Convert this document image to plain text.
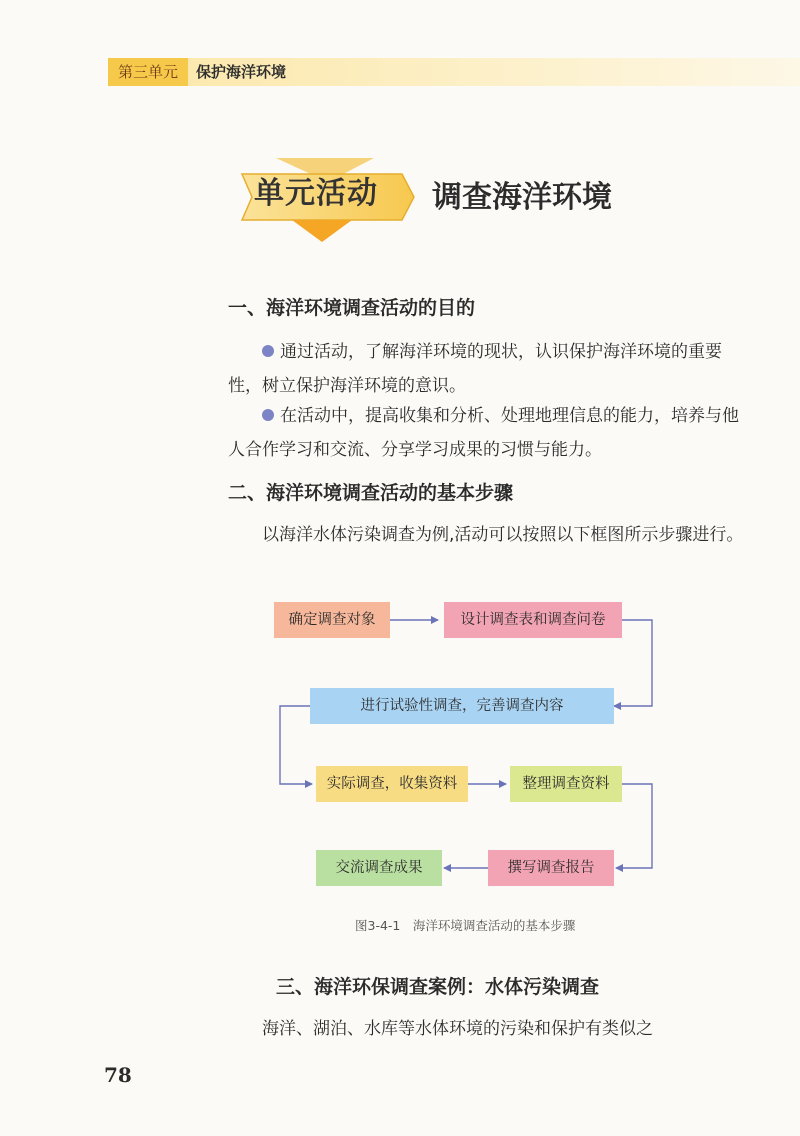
第三单元	保护海洋环境
单元活动 调查海洋环境
一、海洋环境调查活动的目的
通过活动，了解海洋环境的现状，认识保护海洋环境的重要性，树立保护海洋环境的意识。
在活动中，提高收集和分析、处理地理信息的能力，培养与他人合作学习和交流、分享学习成果的习惯与能力。
二、海洋环境调查活动的基本步骤
以海洋水体污染调查为例,活动可以按照以下框图所示步骤进行。
确定调查对象	设计调查表和调查问卷
进行试验性调查，完善调查内容
实际调查，收集资料	整理调查资料
撰写调查报告
交流调查成果
图3-4-1　海洋环境调查活动的基本步骤
三、海洋环保调查案例：水体污染调查
海洋、湖泊、水库等水体环境的污染和保护有类似之
78
